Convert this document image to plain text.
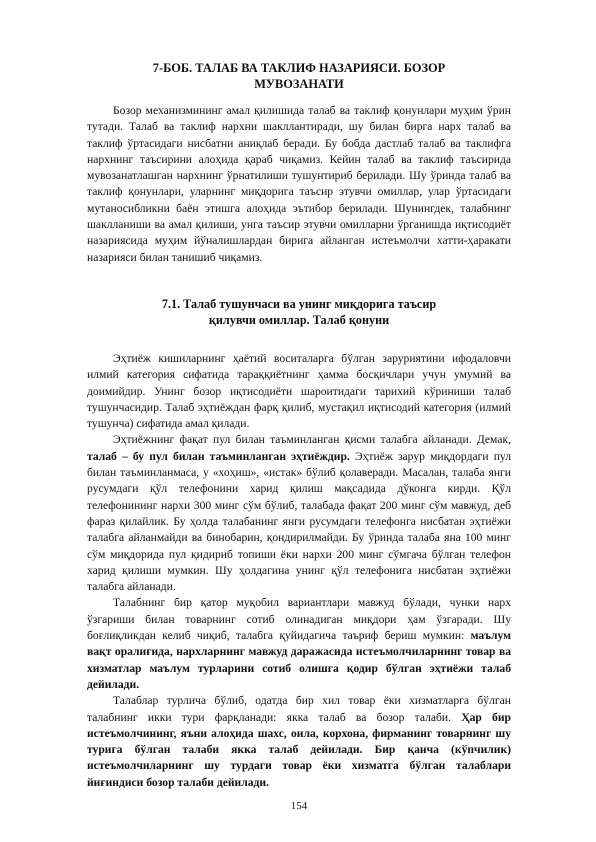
7-БОБ. ТАЛАБ ВА ТАКЛИФ НАЗАРИЯСИ. БОЗОР
МУВОЗАНАТИ

Бозор механизмининг амал қилишида талаб ва таклиф қонунлари муҳим ўрин тутади. Талаб ва таклиф нархни шакллантиради, шу билан бирга нарх талаб ва таклиф ўртасидаги нисбатни аниқлаб беради. Бу бобда дастлаб талаб ва таклифга нархнинг таъсирини алоҳида қараб чиқамиз. Кейин талаб ва таклиф таъсирида мувозанатлашган нархнинг ўрнатилиши тушунтириб берилади. Шу ўринда талаб ва таклиф қонунлари, уларнинг миқдорига таъсир этувчи омиллар, улар ўртасидаги мутаносибликни баён этишга алоҳида эътибор берилади. Шунингдек, талабнинг шаклланиши ва амал қилиши, унга таъсир этувчи омилларни ўрганишда иқтисодиёт назариясида муҳим йўналишлардан бирига айланган истеъмолчи хатти-ҳаракати назарияси билан танишиб чиқамиз.

7.1. Талаб тушунчаси ва унинг миқдорига таъсир
қилувчи омиллар. Талаб қонуни

Эҳтиёж кишиларнинг ҳаётий воситаларга бўлган заруриятини ифодаловчи илмий категория сифатида тараққиётнинг ҳамма босқичлари учун умумий ва доимийдир. Унинг бозор иқтисодиёти шароитидаги тарихий кўриниши талаб тушунчасидир. Талаб эҳтиёждан фарқ қилиб, мустақил иқтисодий категория (илмий тушунча) сифатида амал қилади.

Эҳтиёжнинг фақат пул билан таъминланган қисми талабга айланади. Демак, талаб – бу пул билан таъминланган эҳтиёждир. Эҳтиёж зарур миқдордаги пул билан таъминланмаса, у «хоҳиш», «истак» бўлиб қолаверади. Масалан, талаба янги русумдаги қўл телефонини харид қилиш мақсадида дўконга кирди. Қўл телефонининг нархи 300 минг сўм бўлиб, талабада фақат 200 минг сўм мавжуд, деб фараз қилайлик. Бу ҳолда талабанинг янги русумдаги телефонга нисбатан эҳтиёжи талабга айланмайди ва бинобарин, қондирилмайди. Бу ўринда талаба яна 100 минг сўм миқдорида пул қидириб топиши ёки нархи 200 минг сўмгача бўлган телефон харид қилиши мумкин. Шу ҳолдагина унинг қўл телефонига нисбатан эҳтиёжи талабга айланади.

Талабнинг бир қатор муқобил вариантлари мавжуд бўлади, чунки нарх ўзгариши билан товарнинг сотиб олинадиган миқдори ҳам ўзгаради. Шу боғлиқликдан келиб чиқиб, талабга қуйидагича таъриф бериш мумкин: маълум вақт оралиғида, нархларнинг мавжуд даражасида истеъмолчиларнинг товар ва хизматлар маълум турларини сотиб олишга қодир бўлган эҳтиёжи талаб дейилади.

Талаблар турлича бўлиб, одатда бир хил товар ёки хизматларга бўлган талабнинг икки тури фарқланади: якка талаб ва бозор талаби. Ҳар бир истеъмолчининг, яъни алоҳида шахс, оила, корхона, фирманинг товарнинг шу турига бўлган талаби якка талаб дейилади. Бир қанча (кўпчилик) истеъмолчиларнинг шу турдаги товар ёки хизматга бўлган талаблари йиғиндиси бозор талаби дейилади.

154
